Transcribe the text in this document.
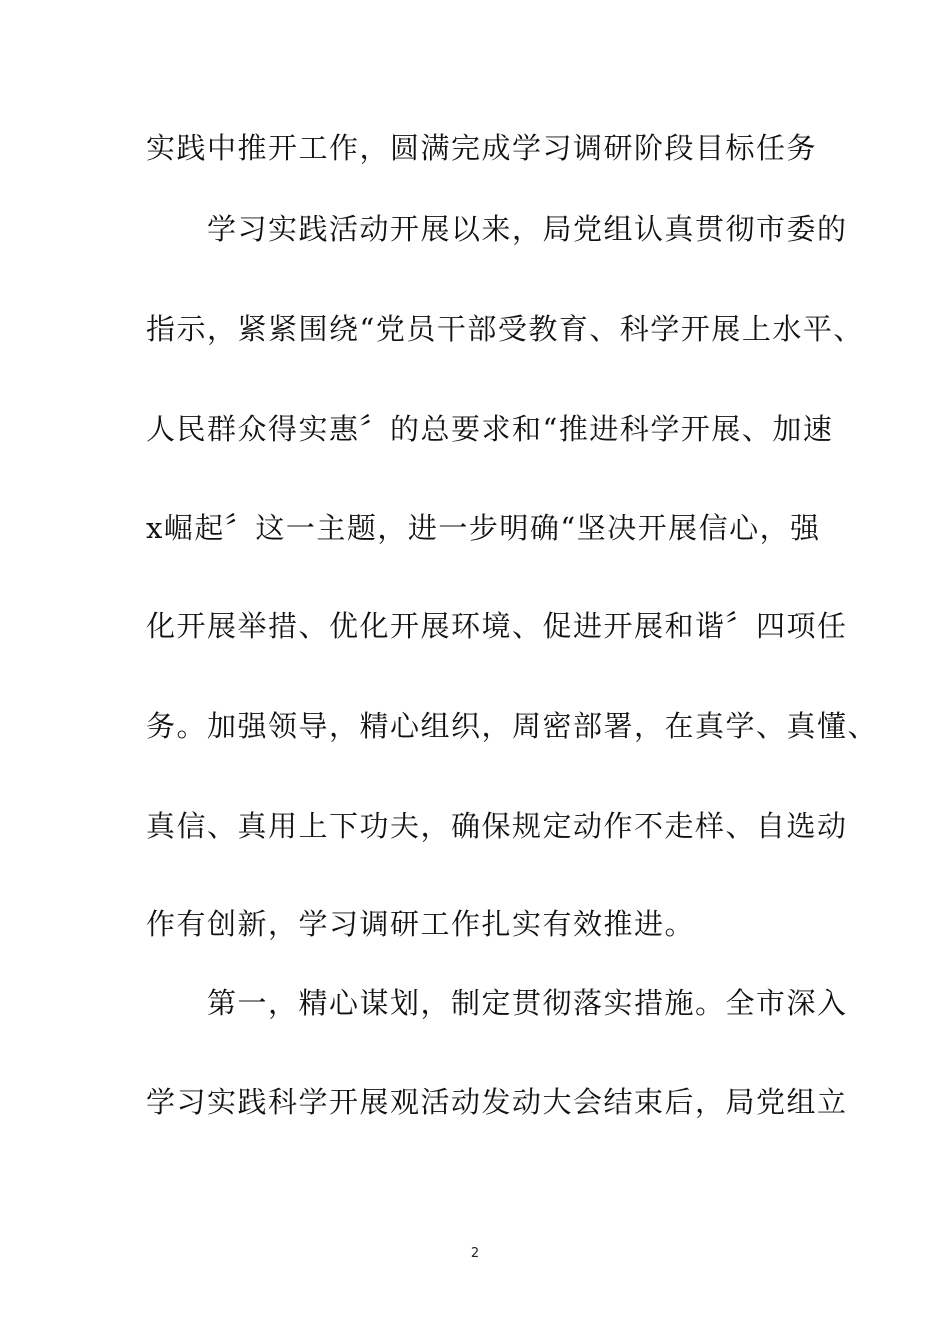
实践中推开工作，圆满完成学习调研阶段目标任务
　　学习实践活动开展以来，局党组认真贯彻市委的
指示，紧紧围绕“党员干部受教育、科学开展上水平、
人民群众得实惠〞的总要求和“推进科学开展、加速
x崛起〞这一主题，进一步明确“坚决开展信心，强
化开展举措、优化开展环境、促进开展和谐〞四项任
务。加强领导，精心组织，周密部署，在真学、真懂、
真信、真用上下功夫，确保规定动作不走样、自选动
作有创新，学习调研工作扎实有效推进。
　　第一，精心谋划，制定贯彻落实措施。全市深入
学习实践科学开展观活动发动大会结束后，局党组立
2
